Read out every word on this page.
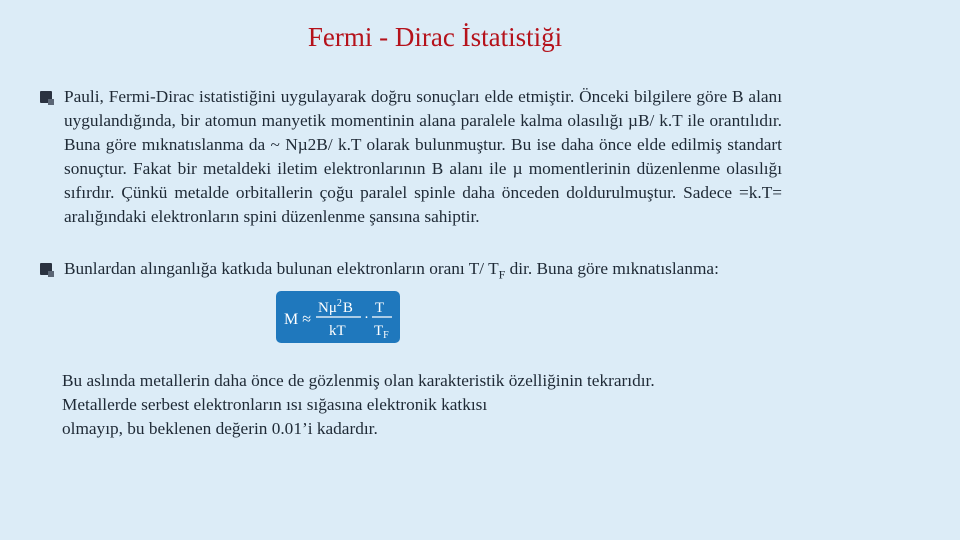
Fermi - Dirac İstatistiği
Pauli, Fermi-Dirac istatistiğini uygulayarak doğru sonuçları elde etmiştir. Önceki bilgilere göre B alanı uygulandığında, bir atomun manyetik momentinin alana paralele kalma olasılığı µB/ k.T ile orantılıdır. Buna göre mıknatıslanma da ~ Nµ2B/ k.T olarak bulunmuştur. Bu ise daha önce elde edilmiş standart sonuçtur. Fakat bir metaldeki iletim elektronlarının B alanı ile µ momentlerinin düzenlenme olasılığı sıfırdır. Çünkü metalde orbitallerin çoğu paralel spinle daha önceden doldurulmuştur. Sadece =k.T= aralığındaki elektronların spini düzenlenme şansına sahiptir.
Bunlardan alınganlığa katkıda bulunan elektronların oranı T/ $T_F$ dir. Buna göre mıknatıslanma:
M ≈
$N\mu^2B$
kT
·
T
$T_F$
Bu aslında metallerin daha önce de gözlenmiş olan karakteristik özelliğinin tekrarıdır.
Metallerde serbest elektronların ısı sığasına elektronik katkısı
olmayıp, bu beklenen değerin 0.01’i kadardır.
